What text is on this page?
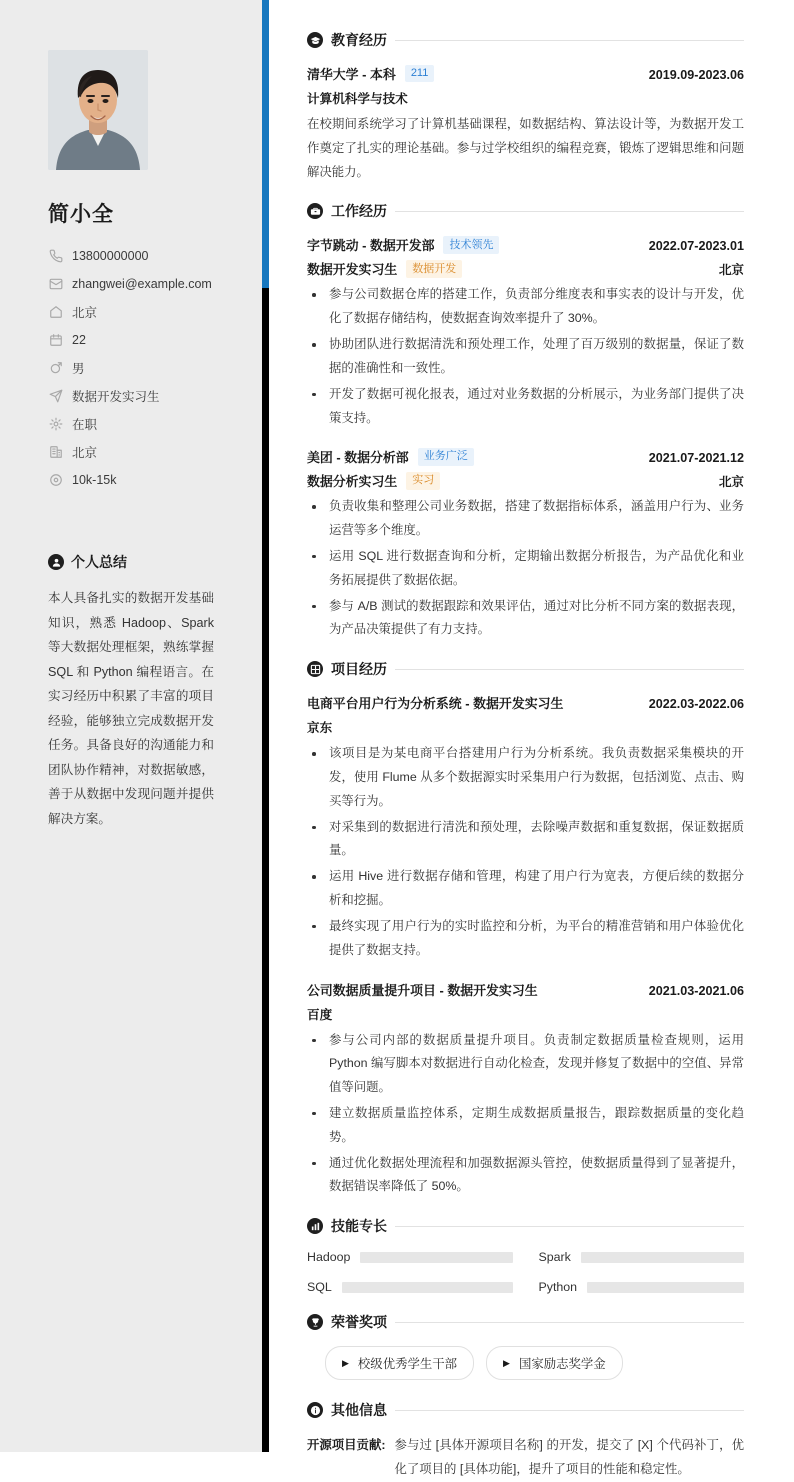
简小全
13800000000
zhangwei@example.com
北京
22
男
数据开发实习生
在职
北京
10k-15k
个人总结
本人具备扎实的数据开发基础知识，熟悉 Hadoop、Spark 等大数据处理框架，熟练掌握 SQL 和 Python 编程语言。在实习经历中积累了丰富的项目经验，能够独立完成数据开发任务。具备良好的沟通能力和团队协作精神，对数据敏感，善于从数据中发现问题并提供解决方案。
教育经历
清华大学 - 本科	211	2019.09-2023.06
计算机科学与技术
在校期间系统学习了计算机基础课程，如数据结构、算法设计等，为数据开发工作奠定了扎实的理论基础。参与过学校组织的编程竞赛，锻炼了逻辑思维和问题解决能力。
工作经历
字节跳动 - 数据开发部	技术领先	2022.07-2023.01
数据开发实习生	数据开发	北京
参与公司数据仓库的搭建工作，负责部分维度表和事实表的设计与开发，优化了数据存储结构，使数据查询效率提升了 30%。
协助团队进行数据清洗和预处理工作，处理了百万级别的数据量，保证了数据的准确性和一致性。
开发了数据可视化报表，通过对业务数据的分析展示，为业务部门提供了决策支持。
美团 - 数据分析部	业务广泛	2021.07-2021.12
数据分析实习生	实习	北京
负责收集和整理公司业务数据，搭建了数据指标体系，涵盖用户行为、业务运营等多个维度。
运用 SQL 进行数据查询和分析，定期输出数据分析报告，为产品优化和业务拓展提供了数据依据。
参与 A/B 测试的数据跟踪和效果评估，通过对比分析不同方案的数据表现，为产品决策提供了有力支持。
项目经历
电商平台用户行为分析系统 - 数据开发实习生	2022.03-2022.06
京东
该项目是为某电商平台搭建用户行为分析系统。我负责数据采集模块的开发，使用 Flume 从多个数据源实时采集用户行为数据，包括浏览、点击、购买等行为。
对采集到的数据进行清洗和预处理，去除噪声数据和重复数据，保证数据质量。
运用 Hive 进行数据存储和管理，构建了用户行为宽表，方便后续的数据分析和挖掘。
最终实现了用户行为的实时监控和分析，为平台的精准营销和用户体验优化提供了数据支持。
公司数据质量提升项目 - 数据开发实习生	2021.03-2021.06
百度
参与公司内部的数据质量提升项目。负责制定数据质量检查规则，运用 Python 编写脚本对数据进行自动化检查，发现并修复了数据中的空值、异常值等问题。
建立数据质量监控体系，定期生成数据质量报告，跟踪数据质量的变化趋势。
通过优化数据处理流程和加强数据源头管控，使数据质量得到了显著提升，数据错误率降低了 50%。
技能专长
Hadoop	Spark
SQL	Python
荣誉奖项
▶ 校级优秀学生干部	▶ 国家励志奖学金
其他信息
开源项目贡献: 参与过 [具体开源项目名称] 的开发，提交了 [X] 个代码补丁，优化了项目的 [具体功能]，提升了项目的性能和稳定性。
